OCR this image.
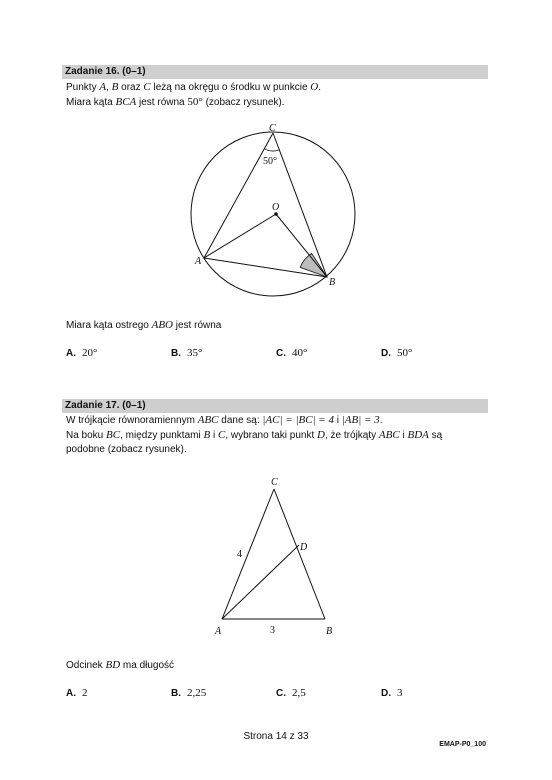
Zadanie 16. (0–1)
Punkty A, B oraz C leżą na okręgu o środku w punkcie O.
Miara kąta BCA jest równa 50° (zobacz rysunek).
C
50°
O
A
B
Miara kąta ostrego ABO jest równa
A. 20°	B. 35°	C. 40°	D. 50°
Zadanie 17. (0–1)
W trójkącie równoramiennym ABC dane są: |AC| = |BC| = 4 i |AB| = 3.
Na boku BC, między punktami B i C, wybrano taki punkt D, że trójkąty ABC i BDA są
podobne (zobacz rysunek).
C
4
D
A	3	B
Odcinek BD ma długość
A. 2	B. 2,25	C. 2,5	D. 3
Strona 14 z 33
EMAP-P0_100
